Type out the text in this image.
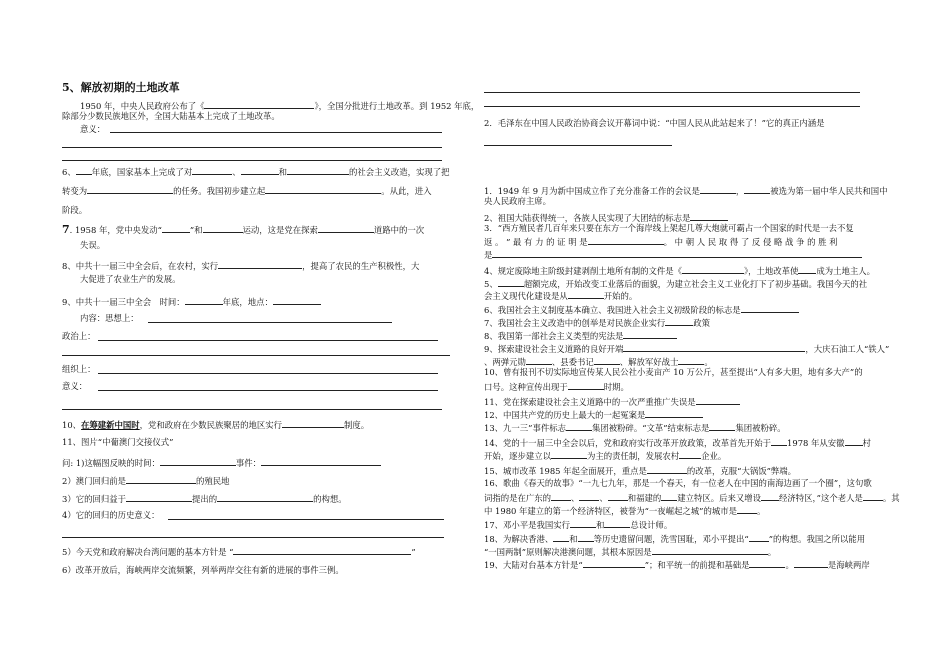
5、解放初期的土地改革
1950 年，中央人民政府公布了《	》，全国分批进行土地改革。到 1952 年底，
除部分少数民族地区外，全国大陆基本上完成了土地改革。
意义：
6、 年底，国家基本上完成了对	、	和	的社会主义改造，实现了把
转变为	的任务。我国初步建立起	。从此，进入
阶段。
7. 1958 年，党中央发动“	”和	运动，这是党在探索	道路中的一次
失误。
8、中共十一届三中全会后，在农村，实行	，提高了农民的生产积极性，大
大促进了农业生产的发展。
9、中共十一届三中全会　时间：	年底，地点：
内容：思想上：
政治上：
组织上：
意义：
10、在筹建新中国时，党和政府在少数民族聚居的地区实行	制度。
11、图片“中葡澳门交接仪式”
问: 1)这幅图反映的时间：	事件：
2）澳门回归前是	的殖民地
3）它的回归益于	提出的	的构想。
4）它的回归的历史意义：
5）今天党和政府解决台湾问题的基本方针是 “	”
6）改革开放后，海峡两岸交流频繁，列举两岸交往有新的进展的事件三例。
2．毛泽东在中国人民政治协商会议开幕词中说：“中国人民从此站起来了！”它的真正内涵是
1．1949 年 9 月为新中国成立作了充分准备工作的会议是	，	被选为第一届中华人民共和国中
央人民政府主席。
2、祖国大陆获得统一，各族人民实现了大团结的标志是
3．“西方殖民者几百年来只要在东方一个海岸线上架起几尊大炮就可霸占一个国家的时代是一去不复
返 。 ” 最 有 力 的 证 明 是	。 中 朝 人 民 取 得 了 反 侵 略 战 争 的 胜 利
是
4、规定废除地主阶级封建剥削土地所有制的文件是《	》，土地改革使 成为土地主人。
5、	超额完成，开始改变工业落后的面貌，为建立社会主义工业化打下了初步基础。我国今天的社
会主义现代化建设是从	开始的。
6、我国社会主义制度基本确立、我国进入社会主义初级阶段的标志是
7、我国社会主义改造中的创举是对民族企业实行	政策
8、我国第一部社会主义类型的宪法是
9、探索建设社会主义道路的良好开端	，大庆石油工人“铁人”
、两弹元勋	、县委书记	、解放军好战士	。
10、曾有报刊不切实际地宣传某人民公社小麦亩产 10 万公斤，甚至提出“人有多大胆，地有多大产”的
口号。这种宣传出现于	时期。
11、党在探索建设社会主义道路中的一次严重推广失误是
12、中国共产党的历史上最大的一起冤案是
13、九一三”事件标志	集团被粉碎。“文革”结束标志是	集团被粉碎。
14、党的十一届三中全会以后，党和政府实行改革开放政策，改革首先开始于 1978 年从安徽 村
开始，逐步建立以	为主的责任制，发展农村	企业。
15、城市改革 1985 年起全面展开，重点是	的改革，克服“大锅饭”弊端。
16、歌曲《春天的故事》“一九七九年，那是一个春天，有一位老人在中国的南海边画了一个圈”，这句歌
词指的是在广东的 、 、 和福建的 建立特区。后来又增设 经济特区，”这个老人是 。其
中 1980 年建立的第一个经济特区，被誉为“一夜崛起之城”的城市是 。
17、邓小平是我国实行	和	总设计师。
18、为解决香港、 和 等历史遗留问题，洗雪国耻，邓小平提出“ ”的构想。我国之所以能用
“一国两制”原则解决港澳问题，其根本原因是	。
19、大陆对台基本方针是“	”；和平统一的前提和基础是	。	是海峡两岸
